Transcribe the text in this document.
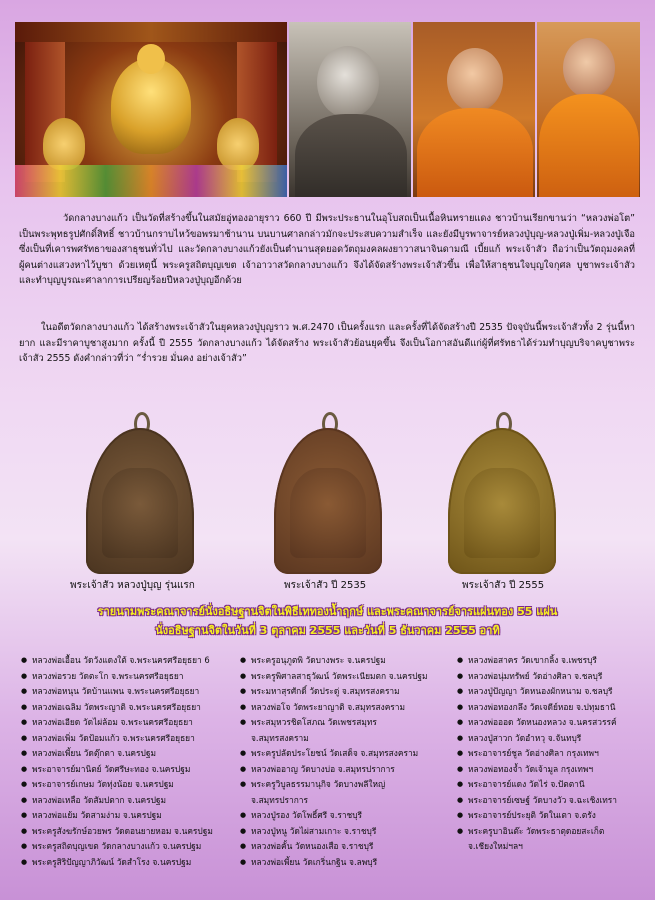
วัดกลางบางแก้ว เป็นวัดที่สร้างขึ้นในสมัยอู่ทองอายุราว 660 ปี มีพระประธานในอุโบสถเป็นเนื้อหินทรายแดง ชาวบ้านเรียกขานว่า “หลวงพ่อโต” เป็นพระพุทธรูปศักดิ์สิทธิ์ ชาวบ้านกราบไหว้ขอพรมาช้านาน บนบานศาลกล่าวมักจะประสบความสำเร็จ และยังมีบูรพาจารย์หลวงปู่บุญ-หลวงปู่เพิ่ม-หลวงปู่เจือ ซึ่งเป็นที่เคารพศรัทธาของสาธุชนทั่วไป และวัดกลางบางแก้วยังเป็นตำนานสุดยอดวัตถุมงคลผงยาวาสนาจินดามณี เบี้ยแก้ พระเจ้าสัว ถือว่าเป็นวัตถุมงคลที่ผู้คนต่างแสวงหาไว้บูชา ด้วยเหตุนี้ พระครูสถิตบุญเขต เจ้าอาวาสวัดกลางบางแก้ว จึงได้จัดสร้างพระเจ้าสัวขึ้น เพื่อให้สาธุชนใจบุญใจกุศล บูชาพระเจ้าสัว และทำบุญบูรณะศาลาการเปรียญร้อยปีหลวงปู่บุญอีกด้วย

ในอดีตวัดกลางบางแก้ว ได้สร้างพระเจ้าสัวในยุคหลวงปู่บุญราว พ.ศ.2470 เป็นครั้งแรก และครั้งที่ได้จัดสร้างปี 2535 ปัจจุบันนี้พระเจ้าสัวทั้ง 2 รุ่นนี้หายาก และมีราคาบูชาสูงมาก ครั้งนี้ ปี 2555 วัดกลางบางแก้ว ได้จัดสร้าง พระเจ้าสัวย้อนยุคขึ้น จึงเป็นโอกาสอันดีแก่ผู้ที่ศรัทธาได้ร่วมทำบุญบริจาคบูชาพระเจ้าสัว 2555 ดังคำกล่าวที่ว่า “ร่ำรวย มั่นคง อย่างเจ้าสัว”

พระเจ้าสัว หลวงปู่บุญ รุ่นแรก	พระเจ้าสัว ปี 2535	พระเจ้าสัว ปี 2555
รายนามพระคณาจารย์นั่งอธิษฐานจิตในพิธีเททองน้ำฤกษ์ และพระคณาจารย์จารแผ่นทอง 55 แผ่น
นั่งอธิษฐานจิตในวันที่ 3 ตุลาคม 2555 และวันที่ 5 ธันวาคม 2555 อาทิ
● หลวงพ่อเอื้อน วัดวังแดงใต้ จ.พระนครศรีอยุธยา 6
● หลวงพ่อรวย วัดตะโก จ.พระนครศรีอยุธยา
● หลวงพ่อหนุน วัดบ้านแพน จ.พระนครศรีอยุธยา
● หลวงพ่อเฉลิม วัดพระญาติ จ.พระนครศรีอยุธยา
● หลวงพ่อเอียด วัดไผ่ล้อม จ.พระนครศรีอยุธยา
● หลวงพ่อเพิ่ม วัดป้อมแก้ว จ.พระนครศรีอยุธยา
● หลวงพ่อเพี้ยน วัดตุ๊กตา จ.นครปฐม
● พระอาจารย์มานิตย์ วัดศรีษะทอง จ.นครปฐม
● พระอาจารย์เกษม วัดทุ่งน้อย จ.นครปฐม
● หลวงพ่อเหลือ วัดสัมปตาก จ.นครปฐม
● หลวงพ่อแย้ม วัดสามง่าม จ.นครปฐม
● พระครูสังฆรักษ์อวยพร วัดดอนยายหอม จ.นครปฐม
● พระครูสถิตบุญเขต วัดกลางบางแก้ว จ.นครปฐม
● พระครูสิริปัญญาภิวัฒน์ วัดสำโรง จ.นครปฐม
● พระครูอนุภูตพิ วัดบางพระ จ.นครปฐม
● พระครูพิศาลสาธุวัฒน์ วัดพระเนียมตก จ.นครปฐม
● พระมหาสุรศักดิ์ วัดประดู่ จ.สมุทรสงคราม
● หลวงพ่อโจ วัดพระยาญาติ จ.สมุทรสงคราม
● พระสมุหวรชิตโสภณ วัดเพชรสมุทร
จ.สมุทรสงคราม
● พระครูปลัดประโยชน์ วัดเสด็จ จ.สมุทรสงคราม
● หลวงพ่ออาญ วัดบางบ่อ จ.สมุทรปราการ
● พระครูวิบูลธรรมานุกิจ วัดบางพลีใหญ่
จ.สมุทรปราการ
● หลวงปู่รอง วัดโพธิ์ศรี จ.ราชบุรี
● หลวงปู่หนู วัดไผ่สามเกาะ จ.ราชบุรี
● หลวงพ่อคั้น วัดหนองเสือ จ.ราชบุรี
● หลวงพ่อเพี้ยน วัดเกริ่นกฐิน จ.ลพบุรี
● หลวงพ่อสาคร วัดเขากลิ้ง จ.เพชรบุรี
● หลวงพ่อนุ่มทรัพย์ วัดอ่างศิลา จ.ชลบุรี
● หลวงปู่ปัญญา วัดหนองผักหนาม จ.ชลบุรี
● หลวงพ่อทองกลึง วัดเจดีย์หอย จ.ปทุมธานี
● หลวงพ่อออด วัดหนองหลวง จ.นครสวรรค์
● หลวงปู่สาวก วัดอำหวุ จ.จันทบุรี
● พระอาจารย์ชูล วัดอ่างศิลา กรุงเทพฯ
● หลวงพ่อทองจ้ำ วัดเจ้ามูล กรุงเทพฯ
● พระอาจารย์แดง วัดไร่ จ.ปัตตานี
● พระอาจารย์เซษฐ์ วัดบางวัว จ.ฉะเชิงเทรา
● พระอาจารย์ประยุติ วัดในเตา จ.ตรัง
● พระครูบาอินต๊ะ วัดพระธาตุดอยสะเก็ต
จ.เชียงใหม่ฯลฯ
